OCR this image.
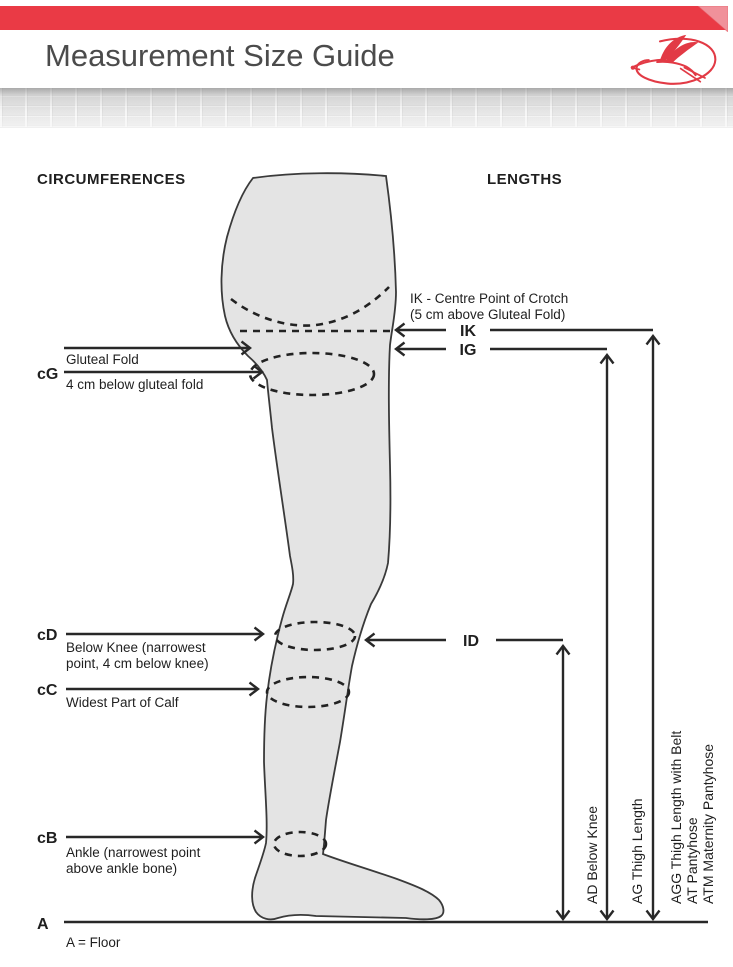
Measurement Size Guide
CIRCUMFERENCES	LENGTHS
Gluteal Fold
cG
4 cm below gluteal fold
cD
Below Knee (narrowest
point, 4 cm below knee)
cC
Widest Part of Calf
cB
Ankle (narrowest point
above ankle bone)
A
A = Floor
IK - Centre Point of Crotch
(5 cm above Gluteal Fold)
IK
IG
ID
AD Below Knee AG Thigh Length AGG Thigh Length with Belt AT Pantyhose ATM Maternity Pantyhose
